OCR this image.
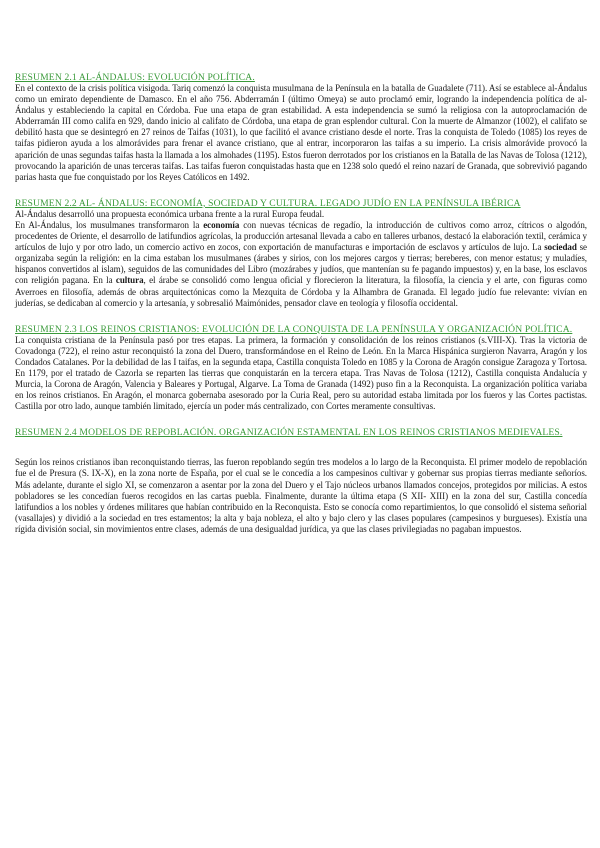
RESUMEN 2.1 AL-ÁNDALUS: EVOLUCIÓN POLÍTICA.

En el contexto de la crisis política visigoda. Tariq comenzó la conquista musulmana de la Península en la batalla de Guadalete (711). Así se establece al-Ándalus como un emirato dependiente de Damasco. En el año 756. Abderramán I (último Omeya) se auto proclamó emir, logrando la independencia política de al-Ándalus y estableciendo la capital en Córdoba. Fue una etapa de gran estabilidad. A esta independencia se sumó la religiosa con la autoproclamación de Abderramán III como califa en 929, dando inicio al califato de Córdoba, una etapa de gran esplendor cultural. Con la muerte de Almanzor (1002), el califato se debilitó hasta que se desintegró en 27 reinos de Taifas (1031), lo que facilitó el avance cristiano desde el norte. Tras la conquista de Toledo (1085) los reyes de taifas pidieron ayuda a los almorávides para frenar el avance cristiano, que al entrar, incorporaron las taifas a su imperio. La crisis almorávide provocó la aparición de unas segundas taifas hasta la llamada a los almohades (1195). Estos fueron derrotados por los cristianos en la Batalla de las Navas de Tolosa (1212), provocando la aparición de unas terceras taifas. Las taifas fueron conquistadas hasta que en 1238 solo quedó el reino nazarí de Granada, que sobrevivió pagando parias hasta que fue conquistado por los Reyes Católicos en 1492.

RESUMEN 2.2 AL- ÁNDALUS: ECONOMÍA, SOCIEDAD Y CULTURA. LEGADO JUDÍO EN LA PENÍNSULA IBÉRICA

Al-Ándalus desarrolló una propuesta económica urbana frente a la rural Europa feudal.

En Al-Ándalus, los musulmanes transformaron la economía con nuevas técnicas de regadío, la introducción de cultivos como arroz, cítricos o algodón, procedentes de Oriente, el desarrollo de latifundios agrícolas, la producción artesanal llevada a cabo en talleres urbanos, destacó la elaboración textil, cerámica y artículos de lujo y por otro lado, un comercio activo en zocos, con exportación de manufacturas e importación de esclavos y artículos de lujo. La sociedad se organizaba según la religión: en la cima estaban los musulmanes (árabes y sirios, con los mejores cargos y tierras; bereberes, con menor estatus; y muladíes, hispanos convertidos al islam), seguidos de las comunidades del Libro (mozárabes y judíos, que mantenían su fe pagando impuestos) y, en la base, los esclavos con religión pagana. En la cultura, el árabe se consolidó como lengua oficial y florecieron la literatura, la filosofía, la ciencia y el arte, con figuras como Averroes en filosofía, además de obras arquitectónicas como la Mezquita de Córdoba y la Alhambra de Granada. El legado judío fue relevante: vivían en juderías, se dedicaban al comercio y la artesanía, y sobresalió Maimónides, pensador clave en teología y filosofía occidental.

RESUMEN 2.3 LOS REINOS CRISTIANOS: EVOLUCIÓN DE LA CONQUISTA DE LA PENÍNSULA Y ORGANIZACIÓN POLÍTICA.

La conquista cristiana de la Península pasó por tres etapas. La primera, la formación y consolidación de los reinos cristianos (s.VIII-X). Tras la victoria de Covadonga (722), el reino astur reconquistó la zona del Duero, transformándose en el Reino de León. En la Marca Hispánica surgieron Navarra, Aragón y los Condados Catalanes. Por la debilidad de las I taifas, en la segunda etapa, Castilla conquista Toledo en 1085 y la Corona de Aragón consigue Zaragoza y Tortosa. En 1179, por el tratado de Cazorla se reparten las tierras que conquistarán en la tercera etapa. Tras Navas de Tolosa (1212), Castilla conquista Andalucía y Murcia, la Corona de Aragón, Valencia y Baleares y Portugal, Algarve. La Toma de Granada (1492) puso fin a la Reconquista. La organización política variaba en los reinos cristianos. En Aragón, el monarca gobernaba asesorado por la Curia Real, pero su autoridad estaba limitada por los fueros y las Cortes pactistas. Castilla por otro lado, aunque también limitado, ejercía un poder más centralizado, con Cortes meramente consultivas.

RESUMEN 2.4 MODELOS DE REPOBLACIÓN. ORGANIZACIÓN ESTAMENTAL EN LOS REINOS CRISTIANOS MEDIEVALES.

Según los reinos cristianos iban reconquistando tierras, las fueron repoblando según tres modelos a lo largo de la Reconquista. El primer modelo de repoblación fue el de Presura (S. IX-X), en la zona norte de España, por el cual se le concedía a los campesinos cultivar y gobernar sus propias tierras mediante señoríos. Más adelante, durante el siglo XI, se comenzaron a asentar por la zona del Duero y el Tajo núcleos urbanos llamados concejos, protegidos por milicias. A estos pobladores se les concedían fueros recogidos en las cartas puebla. Finalmente, durante la última etapa (S XII- XIII) en la zona del sur, Castilla concedía latifundios a los nobles y órdenes militares que habían contribuido en la Reconquista. Esto se conocía como repartimientos, lo que consolidó el sistema señorial (vasallajes) y dividió a la sociedad en tres estamentos; la alta y baja nobleza, el alto y bajo clero y las clases populares (campesinos y burgueses). Existía una rígida división social, sin movimientos entre clases, además de una desigualdad jurídica, ya que las clases privilegiadas no pagaban impuestos.
